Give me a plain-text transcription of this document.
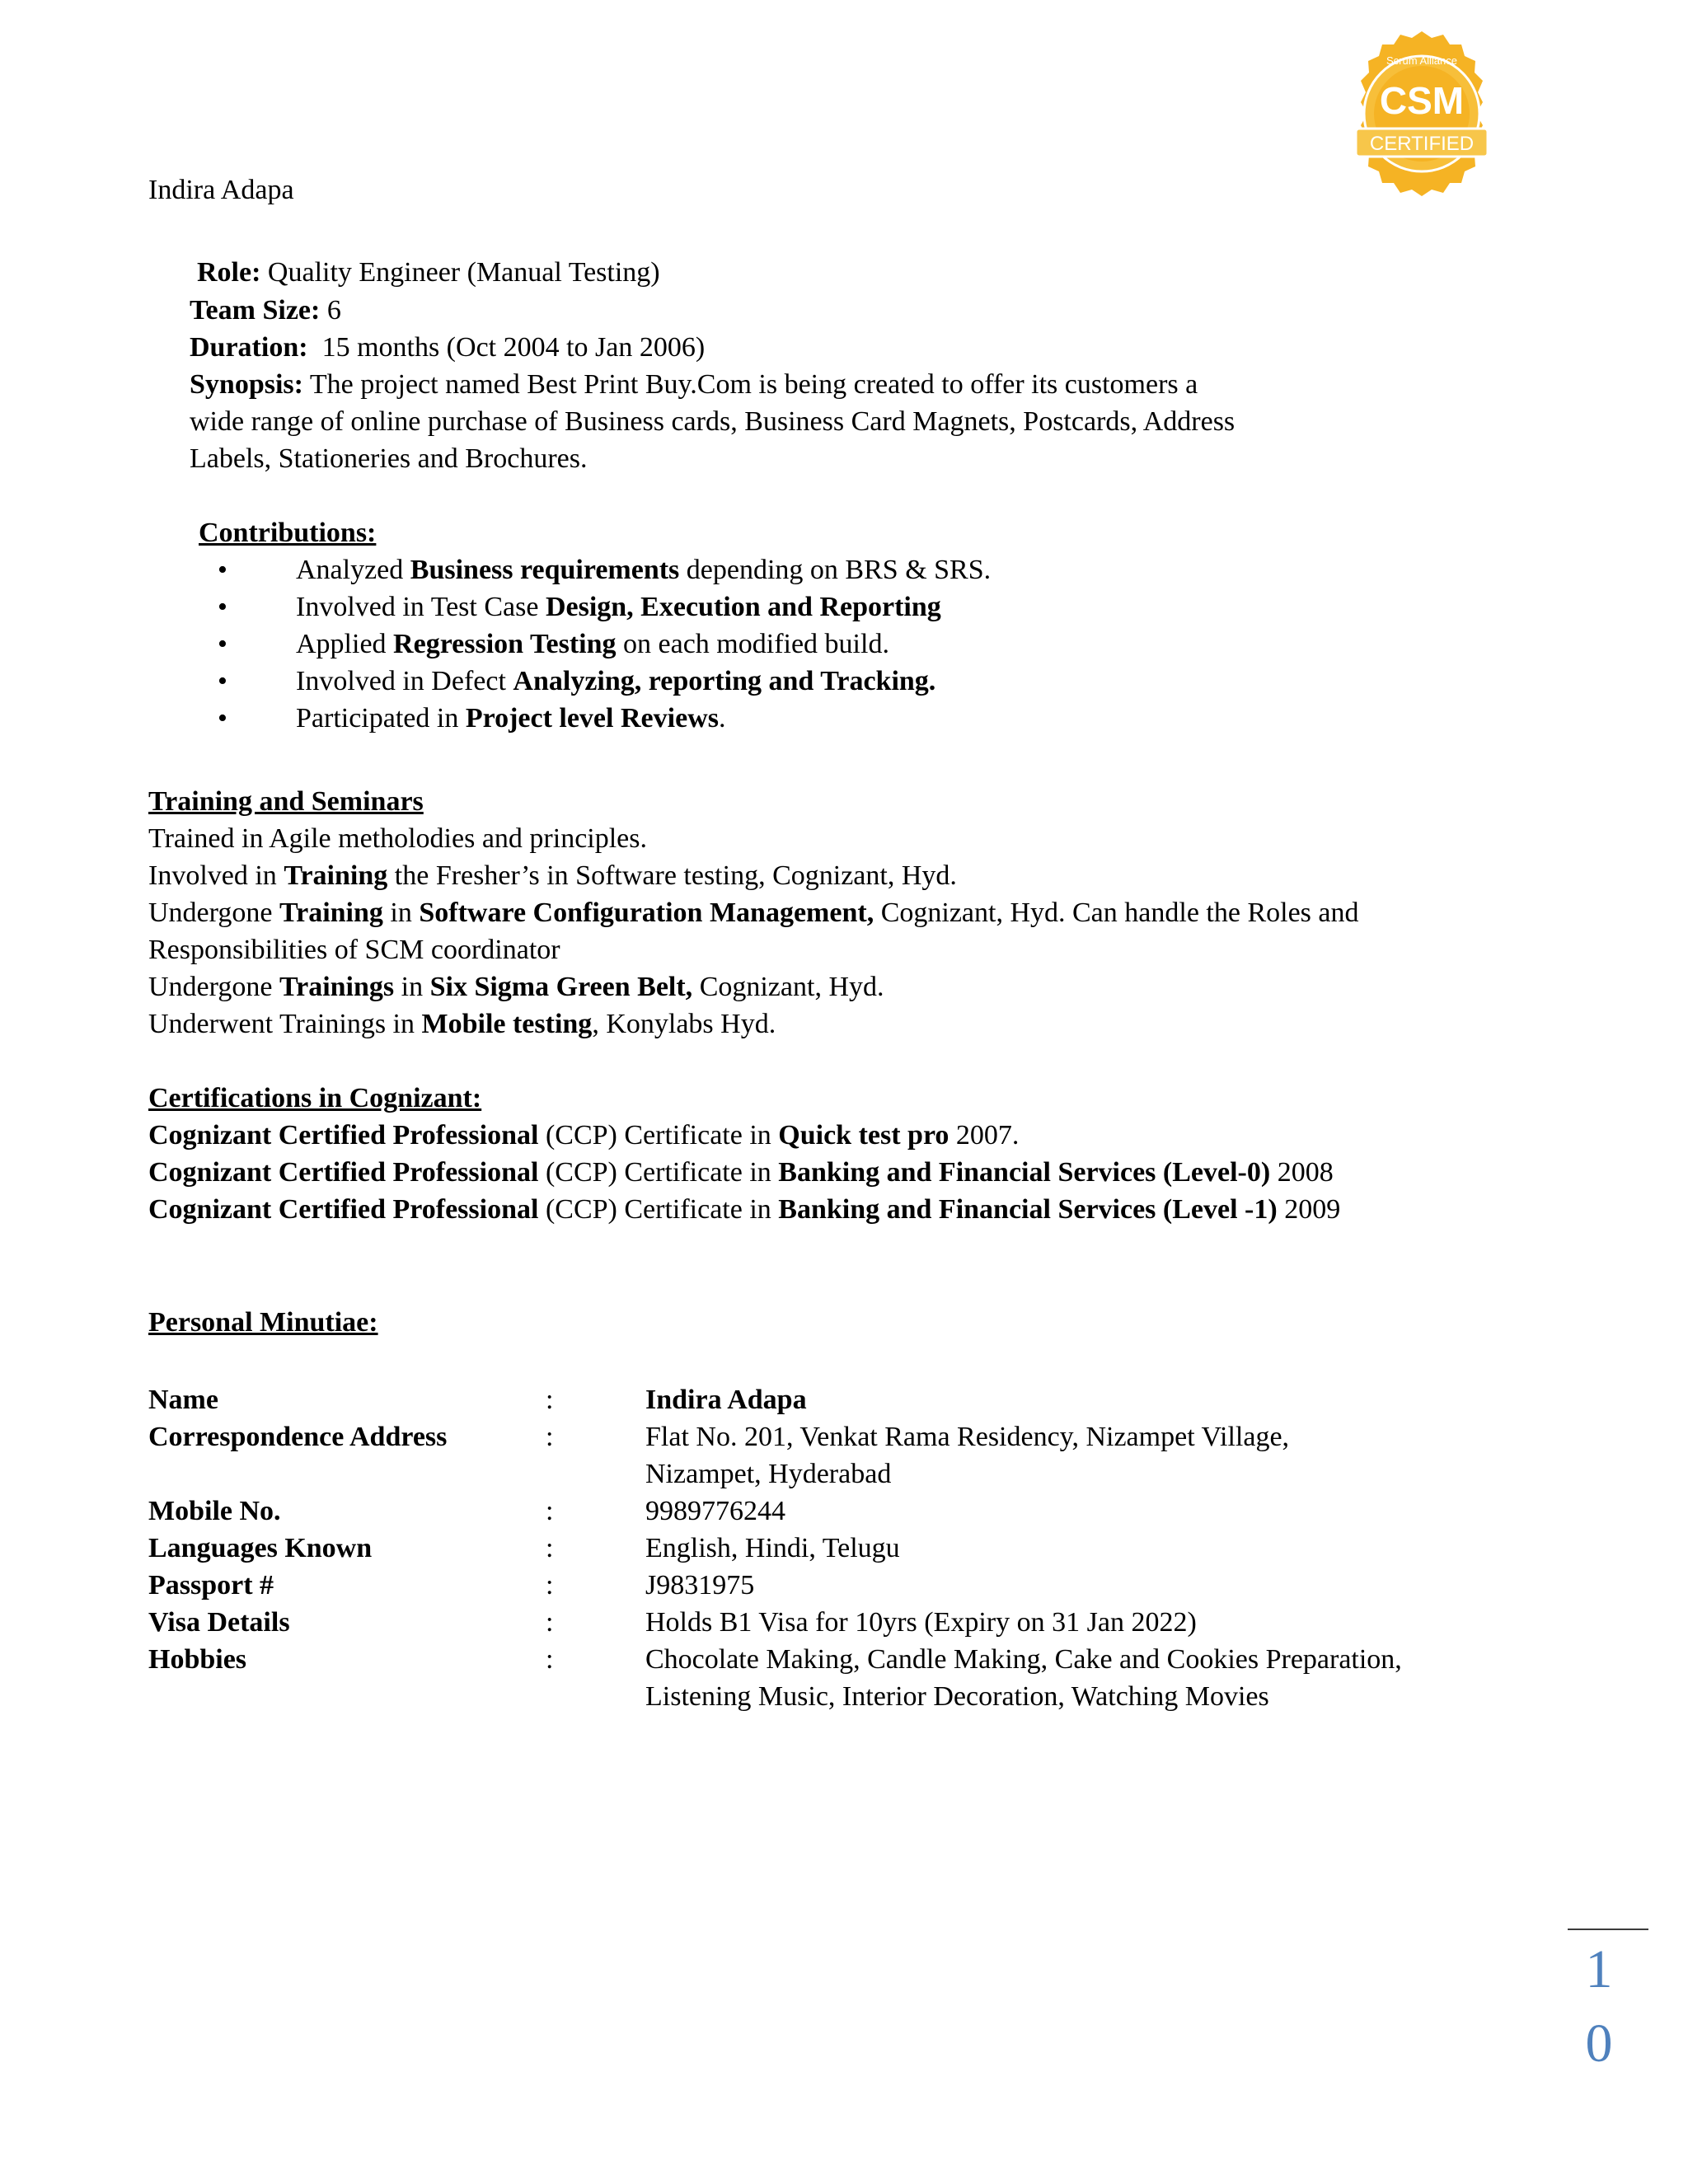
Scrum Alliance
CSM
CERTIFIED
Indira Adapa
Role: Quality Engineer (Manual Testing)
Team Size: 6
Duration: 15 months (Oct 2004 to Jan 2006)
Synopsis: The project named Best Print Buy.Com is being created to offer its customers a
wide range of online purchase of Business cards, Business Card Magnets, Postcards, Address
Labels, Stationeries and Brochures.
Contributions:
•	Analyzed Business requirements depending on BRS & SRS.
•	Involved in Test Case Design, Execution and Reporting
•	Applied Regression Testing on each modified build.
•	Involved in Defect Analyzing, reporting and Tracking.
•	Participated in Project level Reviews.
Training and Seminars
Trained in Agile metholodies and principles.
Involved in Training the Fresher’s in Software testing, Cognizant, Hyd.
Undergone Training in Software Configuration Management, Cognizant, Hyd. Can handle the Roles and
Responsibilities of SCM coordinator
Undergone Trainings in Six Sigma Green Belt, Cognizant, Hyd.
Underwent Trainings in Mobile testing, Konylabs Hyd.
Certifications in Cognizant:
Cognizant Certified Professional (CCP) Certificate in Quick test pro 2007.
Cognizant Certified Professional (CCP) Certificate in Banking and Financial Services (Level-0) 2008
Cognizant Certified Professional (CCP) Certificate in Banking and Financial Services (Level -1) 2009
Personal Minutiae:
Name	:	Indira Adapa
Correspondence Address	:	Flat No. 201, Venkat Rama Residency, Nizampet Village,
Nizampet, Hyderabad
Mobile No.	:	9989776244
Languages Known	:	English, Hindi, Telugu
Passport #	:	J9831975
Visa Details	:	Holds B1 Visa for 10yrs (Expiry on 31 Jan 2022)
Hobbies	:	Chocolate Making, Candle Making, Cake and Cookies Preparation,
Listening Music, Interior Decoration, Watching Movies
1
0
